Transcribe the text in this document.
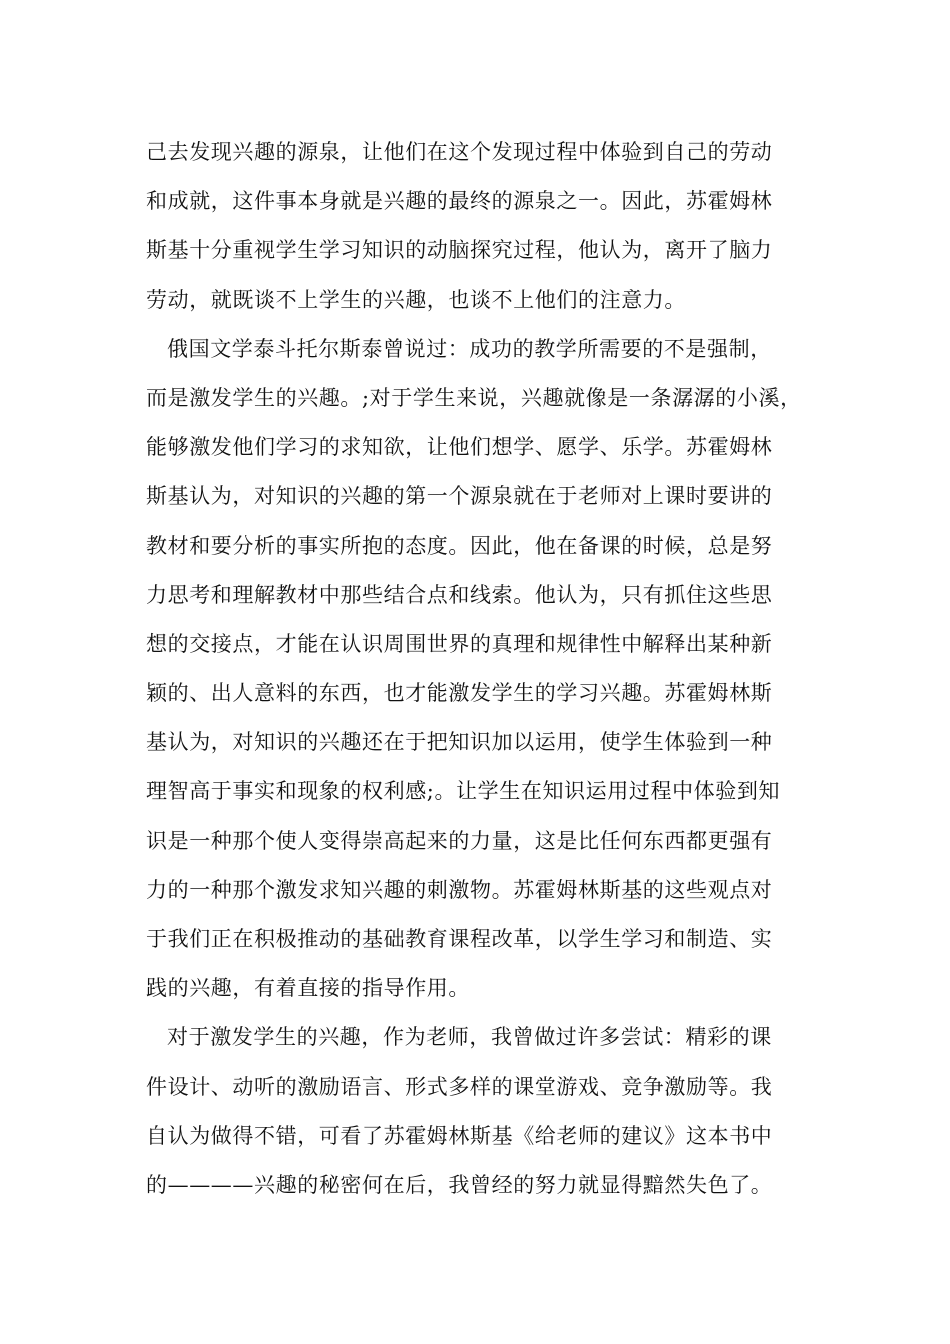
己去发现兴趣的源泉，让他们在这个发现过程中体验到自己的劳动
和成就，这件事本身就是兴趣的最终的源泉之一。因此，苏霍姆林
斯基十分重视学生学习知识的动脑探究过程，他认为，离开了脑力
劳动，就既谈不上学生的兴趣，也谈不上他们的注意力。
俄国文学泰斗托尔斯泰曾说过：成功的教学所需要的不是强制，
而是激发学生的兴趣。;对于学生来说，兴趣就像是一条潺潺的小溪，
能够激发他们学习的求知欲，让他们想学、愿学、乐学。苏霍姆林
斯基认为，对知识的兴趣的第一个源泉就在于老师对上课时要讲的
教材和要分析的事实所抱的态度。因此，他在备课的时候，总是努
力思考和理解教材中那些结合点和线索。他认为，只有抓住这些思
想的交接点，才能在认识周围世界的真理和规律性中解释出某种新
颖的、出人意料的东西，也才能激发学生的学习兴趣。苏霍姆林斯
基认为，对知识的兴趣还在于把知识加以运用，使学生体验到一种
理智高于事实和现象的权利感;。让学生在知识运用过程中体验到知
识是一种那个使人变得崇高起来的力量，这是比任何东西都更强有
力的一种那个激发求知兴趣的刺激物。苏霍姆林斯基的这些观点对
于我们正在积极推动的基础教育课程改革，以学生学习和制造、实
践的兴趣，有着直接的指导作用。
对于激发学生的兴趣，作为老师，我曾做过许多尝试：精彩的课
件设计、动听的激励语言、形式多样的课堂游戏、竞争激励等。我
自认为做得不错，可看了苏霍姆林斯基《给老师的建议》这本书中
的————兴趣的秘密何在后，我曾经的努力就显得黯然失色了。
